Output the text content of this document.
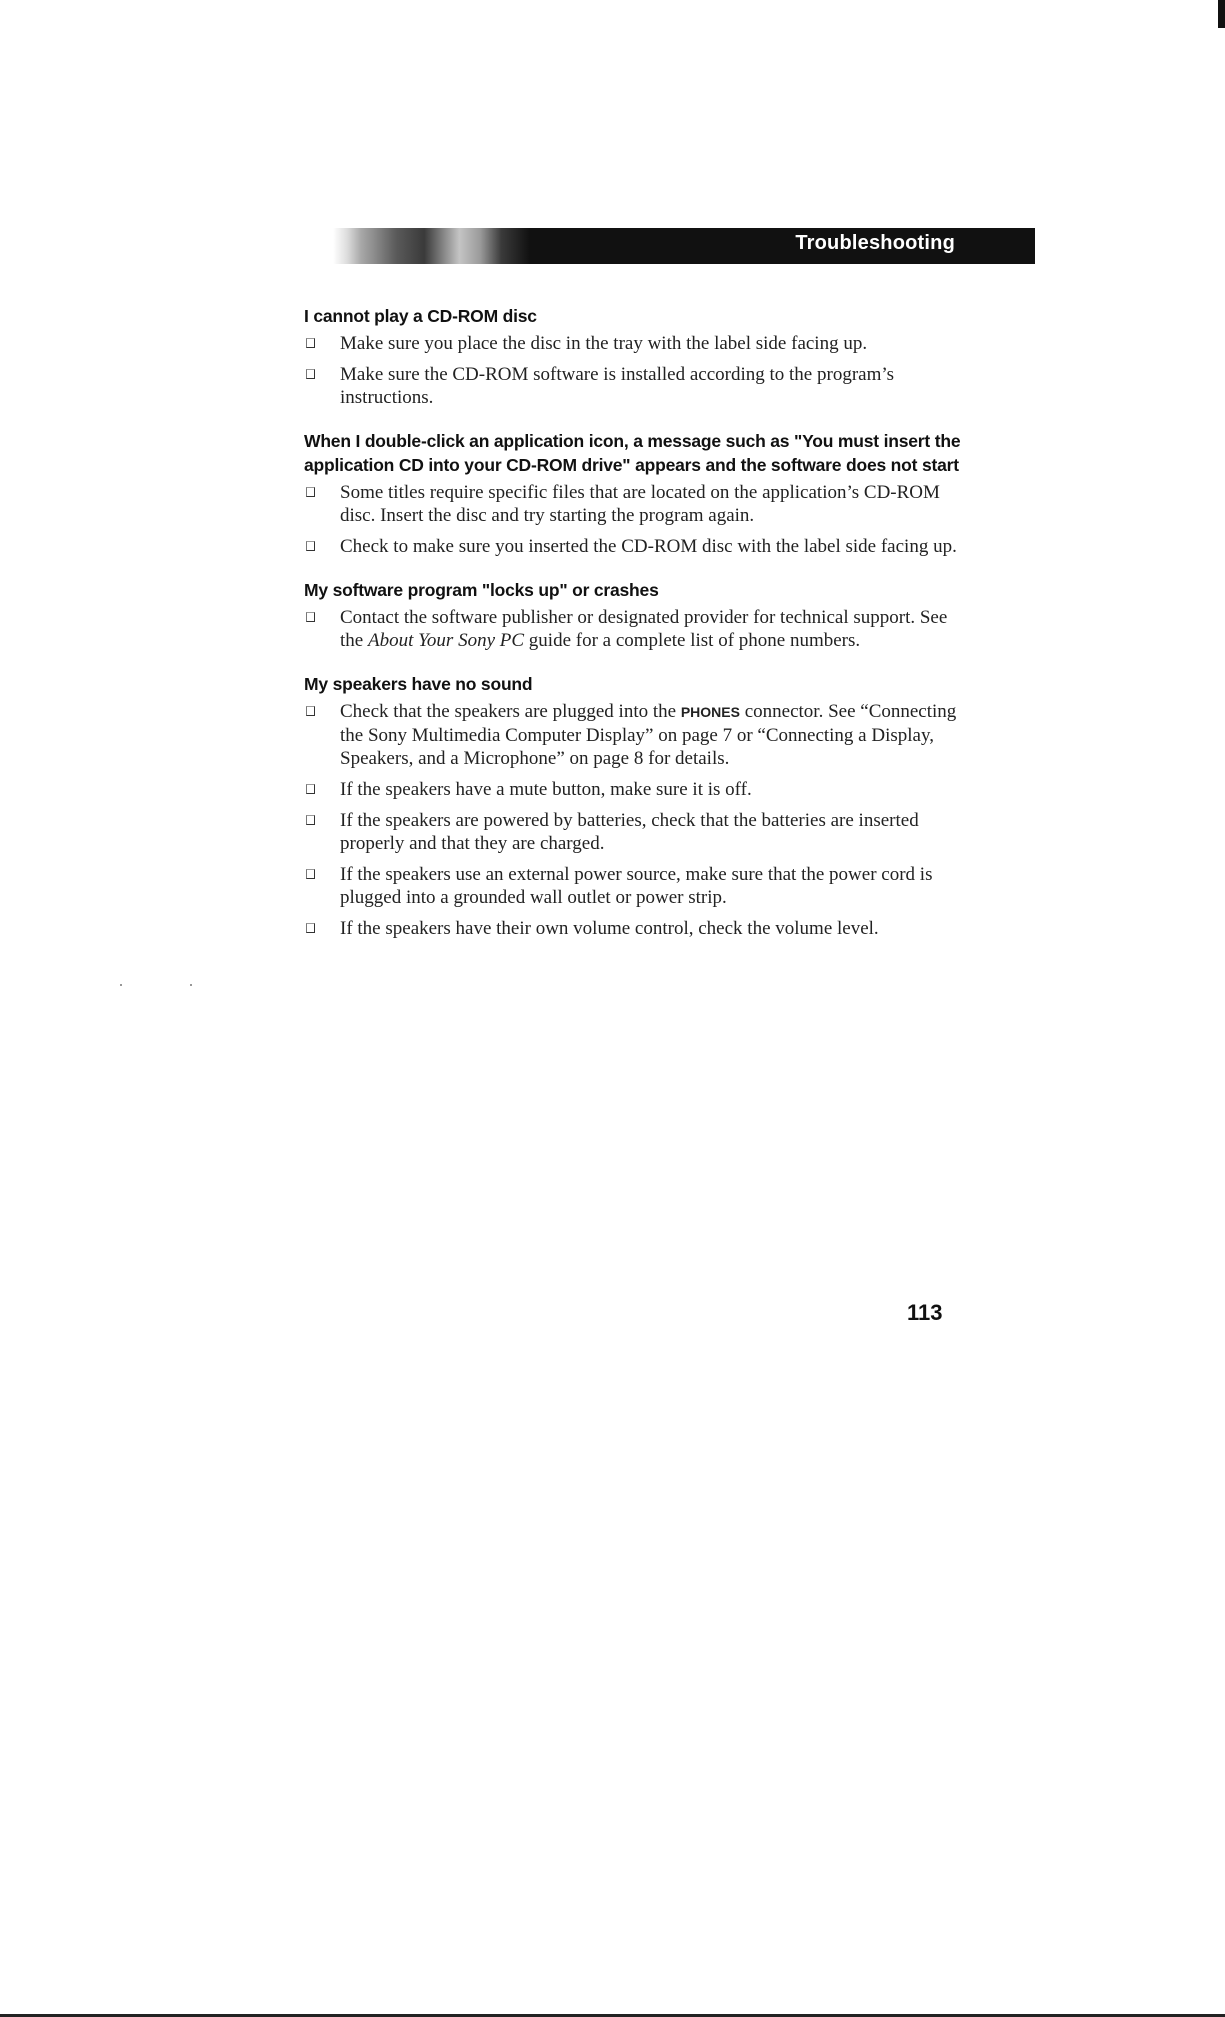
Troubleshooting
I cannot play a CD-ROM disc
Make sure you place the disc in the tray with the label side facing up.
Make sure the CD-ROM software is installed according to the program’s instructions.
When I double-click an application icon, a message such as "You must insert the application CD into your CD-ROM drive" appears and the software does not start
Some titles require specific files that are located on the application’s CD-ROM disc. Insert the disc and try starting the program again.
Check to make sure you inserted the CD-ROM disc with the label side facing up.
My software program "locks up" or crashes
Contact the software publisher or designated provider for technical support. See the About Your Sony PC guide for a complete list of phone numbers.
My speakers have no sound
Check that the speakers are plugged into the PHONES connector. See “Connecting the Sony Multimedia Computer Display” on page 7 or “Connecting a Display, Speakers, and a Microphone” on page 8 for details.
If the speakers have a mute button, make sure it is off.
If the speakers are powered by batteries, check that the batteries are inserted properly and that they are charged.
If the speakers use an external power source, make sure that the power cord is plugged into a grounded wall outlet or power strip.
If the speakers have their own volume control, check the volume level.
113
